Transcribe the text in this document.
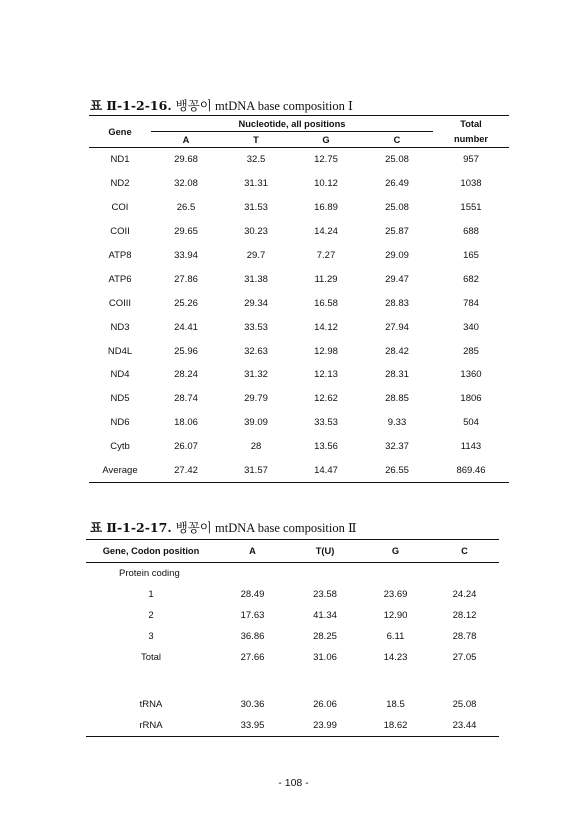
표 Ⅱ-1-2-16. 뱅꽁이 mtDNA base composition Ⅰ
Gene	Nucleotide, all positions				Total
	A	T	G	C	number
ND1	29.68	32.5	12.75	25.08	957
ND2	32.08	31.31	10.12	26.49	1038
COI	26.5	31.53	16.89	25.08	1551
COII	29.65	30.23	14.24	25.87	688
ATP8	33.94	29.7	7.27	29.09	165
ATP6	27.86	31.38	11.29	29.47	682
COIII	25.26	29.34	16.58	28.83	784
ND3	24.41	33.53	14.12	27.94	340
ND4L	25.96	32.63	12.98	28.42	285
ND4	28.24	31.32	12.13	28.31	1360
ND5	28.74	29.79	12.62	28.85	1806
ND6	18.06	39.09	33.53	9.33	504
Cytb	26.07	28	13.56	32.37	1143
Average	27.42	31.57	14.47	26.55	869.46
표 Ⅱ-1-2-17. 뱅꽁이 mtDNA base composition Ⅱ
Gene, Codon position	A	T(U)	G	C
Protein coding				
1	28.49	23.58	23.69	24.24
2	17.63	41.34	12.90	28.12
3	36.86	28.25	6.11	28.78
Total	27.66	31.06	14.23	27.05

tRNA	30.36	26.06	18.5	25.08
rRNA	33.95	23.99	18.62	23.44
- 108 -
